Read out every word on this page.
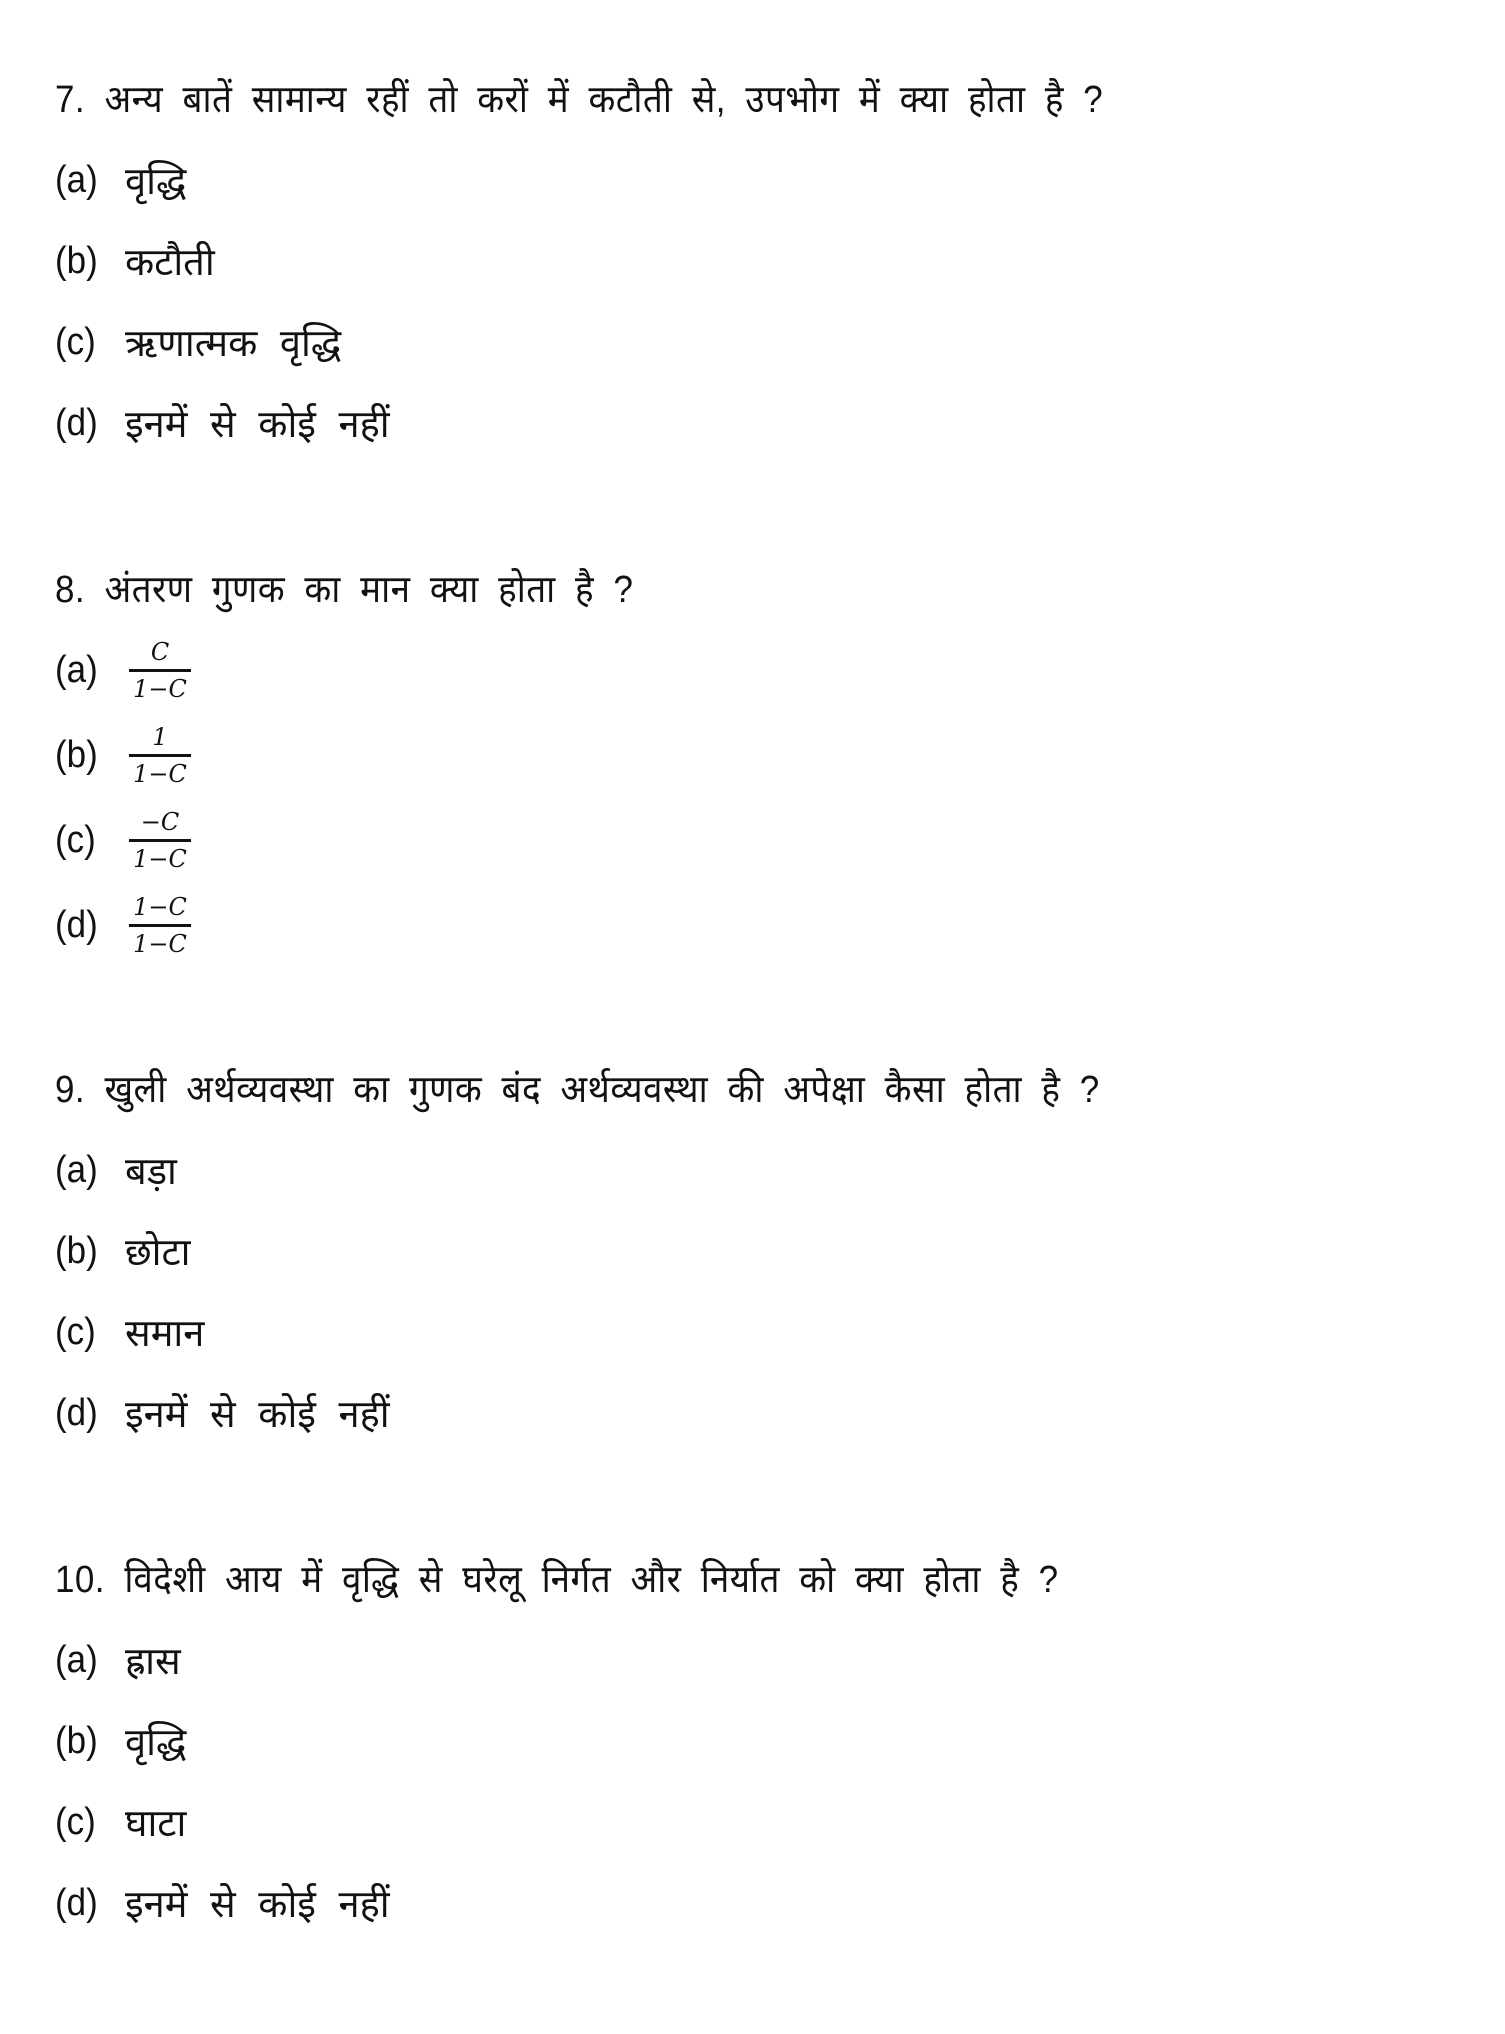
7. अन्य बातें सामान्य रहीं तो करों में कटौती से, उपभोग में क्या होता है ?
(a) वृद्धि
(b) कटौती
(c) ऋणात्मक वृद्धि
(d) इनमें से कोई नहीं
8. अंतरण गुणक का मान क्या होता है ?
(a)	$\frac{C}{1-C}$
(b)	$\frac{1}{1-C}$
(c)	$\frac{-C}{1-C}$
(d)	$\frac{1-C}{1-C}$
9. खुली अर्थव्यवस्था का गुणक बंद अर्थव्यवस्था की अपेक्षा कैसा होता है ?
(a) बड़ा
(b) छोटा
(c) समान
(d) इनमें से कोई नहीं
10. विदेशी आय में वृद्धि से घरेलू निर्गत और निर्यात को क्या होता है ?
(a) ह्रास
(b) वृद्धि
(c) घाटा
(d) इनमें से कोई नहीं
